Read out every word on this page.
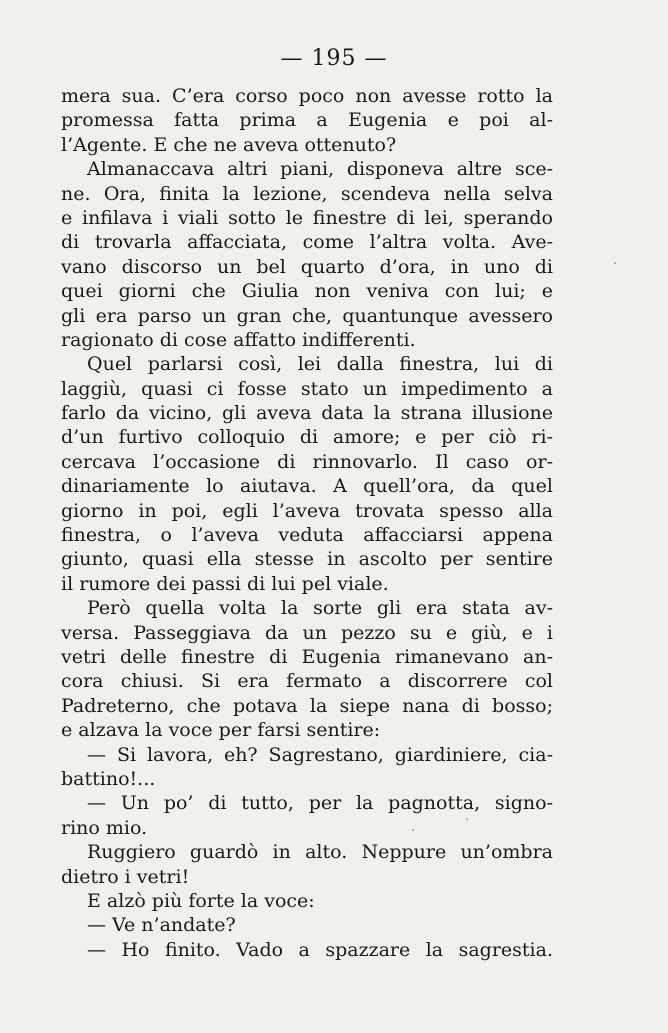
— 195 —
mera sua. C’era corso poco non avesse rotto la
promessa fatta prima a Eugenia e poi al-
l’Agente. E che ne aveva ottenuto?
Almanaccava altri piani, disponeva altre sce-
ne. Ora, finita la lezione, scendeva nella selva
e infilava i viali sotto le finestre di lei, sperando
di trovarla affacciata, come l’altra volta. Ave-
vano discorso un bel quarto d’ora, in uno di
quei giorni che Giulia non veniva con lui; e
gli era parso un gran che, quantunque avessero
ragionato di cose affatto indifferenti.
Quel parlarsi così, lei dalla finestra, lui di
laggiù, quasi ci fosse stato un impedimento a
farlo da vicino, gli aveva data la strana illusione
d’un furtivo colloquio di amore; e per ciò ri-
cercava l’occasione di rinnovarlo. Il caso or-
dinariamente lo aiutava. A quell’ora, da quel
giorno in poi, egli l’aveva trovata spesso alla
finestra, o l’aveva veduta affacciarsi appena
giunto, quasi ella stesse in ascolto per sentire
il rumore dei passi di lui pel viale.
Però quella volta la sorte gli era stata av-
versa. Passeggiava da un pezzo su e giù, e i
vetri delle finestre di Eugenia rimanevano an-
cora chiusi. Si era fermato a discorrere col
Padreterno, che potava la siepe nana di bosso;
e alzava la voce per farsi sentire:
— Si lavora, eh? Sagrestano, giardiniere, cia-
battino!...
— Un po’ di tutto, per la pagnotta, signo-
rino mio.
Ruggiero guardò in alto. Neppure un’ombra
dietro i vetri!
E alzò più forte la voce:
— Ve n’andate?
— Ho finito. Vado a spazzare la sagrestia.
